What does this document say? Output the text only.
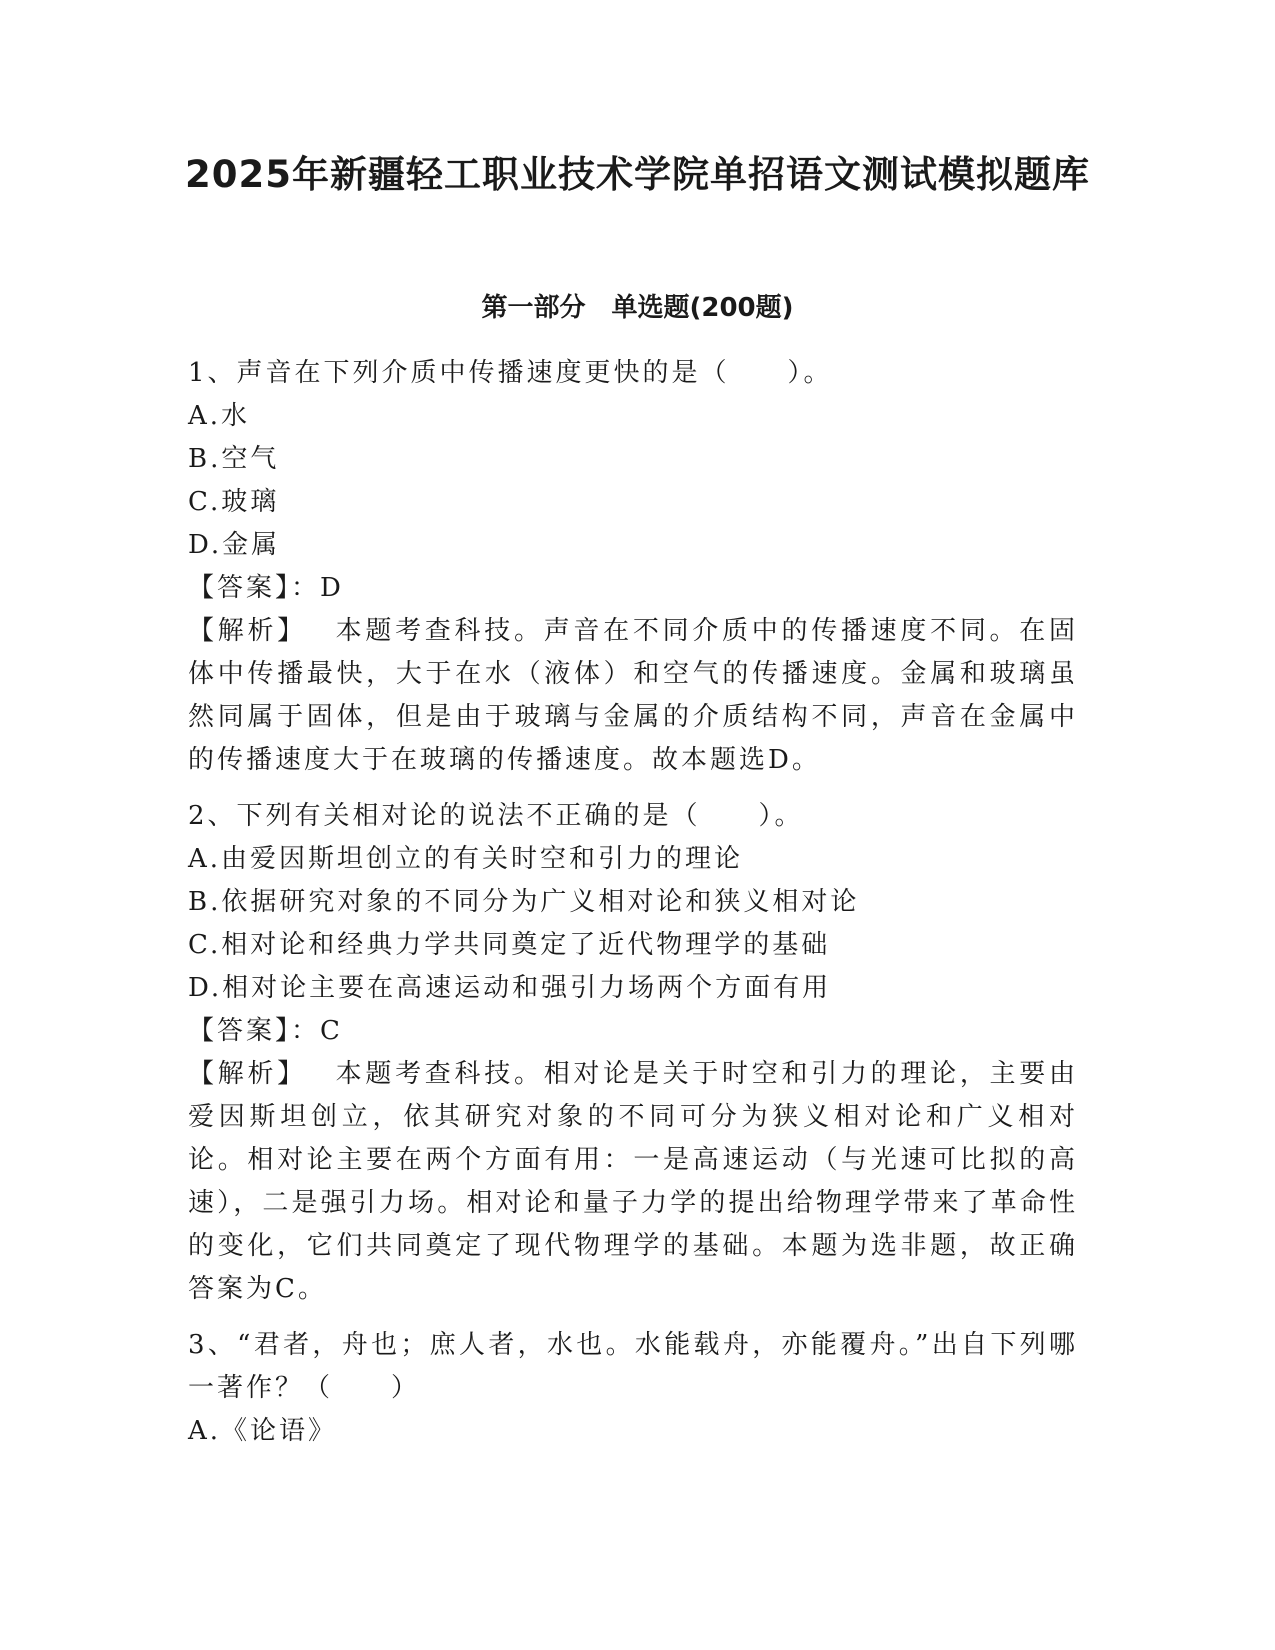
2025年新疆轻工职业技术学院单招语文测试模拟题库
第一部分　单选题(200题)

1、声音在下列介质中传播速度更快的是（　　）。

A.水

B.空气

C.玻璃

D.金属

【答案】：D

【解析】 本题考查科技。声音在不同介质中的传播速度不同。在固体中传播最快，大于在水（液体）和空气的传播速度。金属和玻璃虽然同属于固体，但是由于玻璃与金属的介质结构不同，声音在金属中的传播速度大于在玻璃的传播速度。故本题选D。

2、下列有关相对论的说法不正确的是（　　）。

A.由爱因斯坦创立的有关时空和引力的理论

B.依据研究对象的不同分为广义相对论和狭义相对论

C.相对论和经典力学共同奠定了近代物理学的基础

D.相对论主要在高速运动和强引力场两个方面有用

【答案】：C

【解析】 本题考查科技。相对论是关于时空和引力的理论，主要由爱因斯坦创立，依其研究对象的不同可分为狭义相对论和广义相对论。相对论主要在两个方面有用：一是高速运动（与光速可比拟的高速），二是强引力场。相对论和量子力学的提出给物理学带来了革命性的变化，它们共同奠定了现代物理学的基础。本题为选非题，故正确答案为C。

3、“君者，舟也；庶人者，水也。水能载舟，亦能覆舟。”出自下列哪一著作？（　　）

A.《论语》
